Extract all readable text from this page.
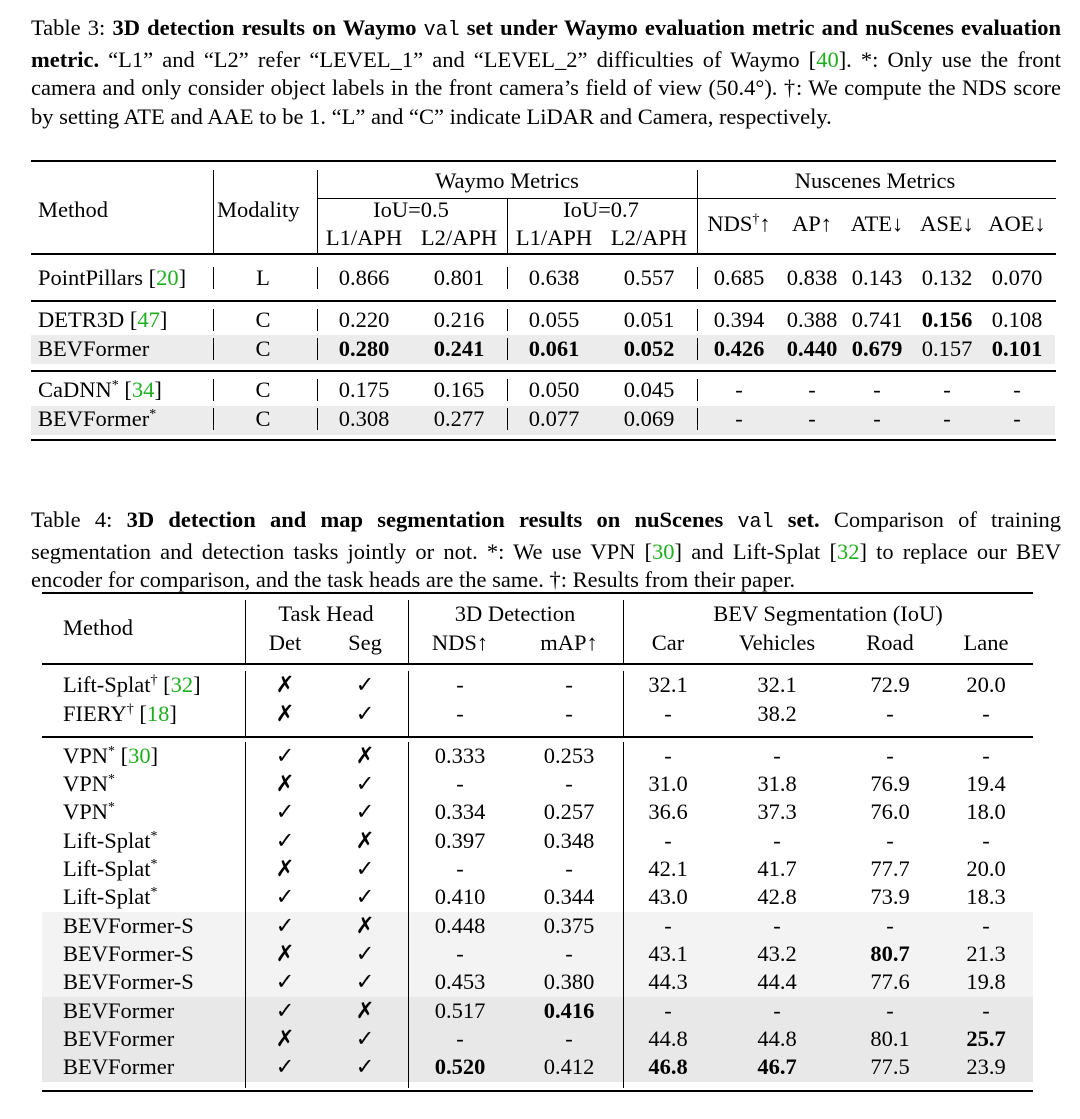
Table 3: 3D detection results on Waymo val set under Waymo evaluation metric and nuScenes evaluation metric. “L1” and “L2” refer “LEVEL_1” and “LEVEL_2” difficulties of Waymo [40]. *: Only use the front camera and only consider object labels in the front camera’s field of view (50.4°). †: We compute the NDS score by setting ATE and AAE to be 1. “L” and “C” indicate LiDAR and Camera, respectively.
Method	Modality
Waymo Metrics	Nuscenes Metrics
IoU=0.5	IoU=0.7
L1/APH L2/APH L1/APH L2/APH
NDS†↑ AP↑ ATE↓ ASE↓ AOE↓
PointPillars [20]	L	0.866 0.801 0.638 0.557 0.685 0.838 0.143 0.132 0.070
DETR3D [47]	C	0.220 0.216 0.055 0.051 0.394 0.388 0.741 0.156 0.108
BEVFormer	C	0.280 0.241 0.061 0.052 0.426 0.440 0.679 0.157 0.101
CaDNN* [34]	C	0.175 0.165 0.050 0.045	-	-	-	-	-
BEVFormer*	C	0.308 0.277 0.077 0.069	-	-	-	-	-
Table 4: 3D detection and map segmentation results on nuScenes val set. Comparison of training segmentation and detection tasks jointly or not. *: We use VPN [30] and Lift-Splat [32] to replace our BEV encoder for comparison, and the task heads are the same. †: Results from their paper.
Method
Task Head
Det Seg
3D Detection
NDS↑ mAP↑
BEV Segmentation (IoU)
Car Vehicles Road Lane
Lift-Splat† [32]	✗	✓	-	-	32.1	32.1	72.9	20.0
FIERY† [18]	✗	✓	-	-	-	38.2	-	-
VPN* [30]	✓	✗	0.333	0.253	-	-	-	-
VPN*	✗	✓	-	-	31.0	31.8	76.9	19.4
VPN*	✓	✓	0.334	0.257 36.6	37.3	76.0	18.0
Lift-Splat*	✓	✗	0.397	0.348	-	-	-	-
Lift-Splat*	✗	✓	-	-	42.1	41.7	77.7	20.0
Lift-Splat*	✓	✓	0.410	0.344 43.0	42.8	73.9	18.3
BEVFormer-S	✓	✗	0.448	0.375	-	-	-	-
BEVFormer-S	✗	✓	-	-	43.1	43.2	80.7	21.3
BEVFormer-S	✓	✓	0.453	0.380 44.3	44.4	77.6	19.8
BEVFormer	✓	✗	0.517	0.416	-	-	-	-
BEVFormer	✗	✓	-	-	44.8	44.8	80.1	25.7
BEVFormer	✓	✓	0.520	0.412 46.8	46.7	77.5	23.9
